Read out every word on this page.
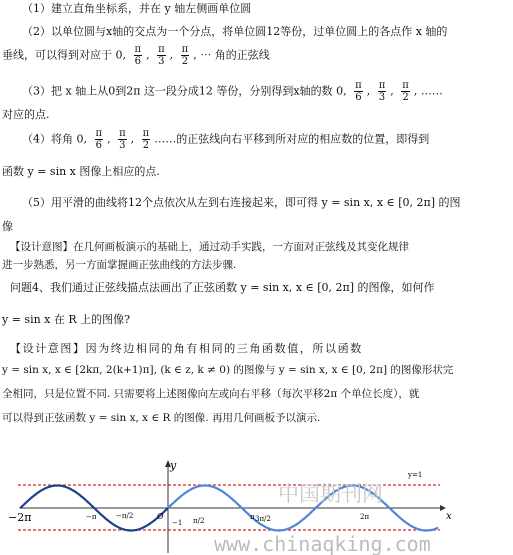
（1）建立直角坐标系，并在 y 轴左侧画单位圆
（2）以单位圆与x轴的交点为一个分点，将单位圆12等份，过单位圆上的各点作 x 轴的
垂线，可以得到对应于 0, $\frac{\pi}{6}$ , $\frac{\pi}{3}$ , $\frac{\pi}{2}$ , ⋯ 角的正弦线
（3）把 x 轴上从0到2π 这一段分成12 等份，分别得到x轴的数 0, $\frac{\pi}{6}$ , $\frac{\pi}{3}$ , $\frac{\pi}{2}$ , ……
对应的点.
（4）将角 0, $\frac{\pi}{6}$ , $\frac{\pi}{3}$ , $\frac{\pi}{2}$ ……的正弦线向右平移到所对应的相应数的位置，即得到
函数 y = sin x 图像上相应的点.
（5）用平滑的曲线将12个点依次从左到右连接起来，即可得 y = sin x, x ∈ [0, 2π] 的图
像
【设计意图】在几何画板演示的基础上，通过动手实践，一方面对正弦线及其变化规律
进一步熟悉，另一方面掌握画正弦曲线的方法步骤.
问题4、我们通过正弦线描点法画出了正弦函数 y = sin x, x ∈ [0, 2π] 的图像，如何作
y = sin x 在 R 上的图像?
【设计意图】因为终边相同的角有相同的三角函数值，所以函数
y = sin x, x ∈ [2kπ, 2(k+1)π], (k ∈ z, k ≠ 0) 的图像与 y = sin x, x ∈ [0, 2π] 的图像形状完
全相同，只是位置不同. 只需要将上述图像向左或向右平移（每次平移2π 个单位长度），就
可以得到正弦函数 y = sin x, x ∈ R 的图像. 再用几何画板予以演示.
y
x
−2π	−π	−π/2	O
−1 π/2	π 3π/2	2π
y=1
中国期刊网
www.chinaqking.com
